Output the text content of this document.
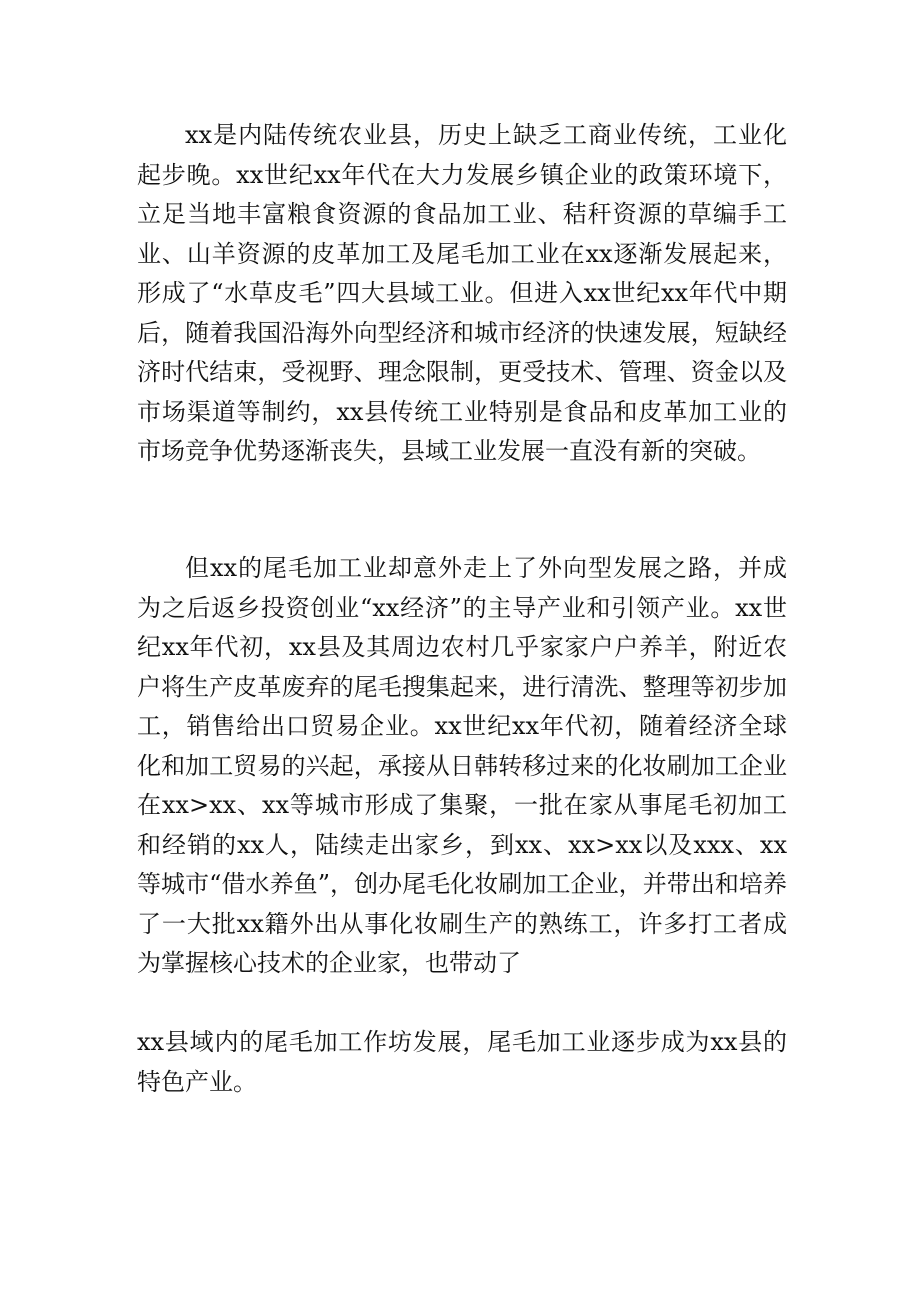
xx是内陆传统农业县，历史上缺乏工商业传统，工业化起步晚。xx世纪xx年代在大力发展乡镇企业的政策环境下，立足当地丰富粮食资源的食品加工业、秸秆资源的草编手工业、山羊资源的皮革加工及尾毛加工业在xx逐渐发展起来，形成了“水草皮毛”四大县域工业。但进入xx世纪xx年代中期后，随着我国沿海外向型经济和城市经济的快速发展，短缺经济时代结束，受视野、理念限制，更受技术、管理、资金以及市场渠道等制约，xx县传统工业特别是食品和皮革加工业的市场竞争优势逐渐丧失，县域工业发展一直没有新的突破。

但xx的尾毛加工业却意外走上了外向型发展之路，并成为之后返乡投资创业“xx经济”的主导产业和引领产业。xx世纪xx年代初，xx县及其周边农村几乎家家户户养羊，附近农户将生产皮革废弃的尾毛搜集起来，进行清洗、整理等初步加工，销售给出口贸易企业。xx世纪xx年代初，随着经济全球化和加工贸易的兴起，承接从日韩转移过来的化妆刷加工企业在xx>xx、xx等城市形成了集聚，一批在家从事尾毛初加工和经销的xx人，陆续走出家乡，到xx、xx>xx以及xxx、xx等城市“借水养鱼”，创办尾毛化妆刷加工企业，并带出和培养了一大批xx籍外出从事化妆刷生产的熟练工，许多打工者成为掌握核心技术的企业家，也带动了

xx县域内的尾毛加工作坊发展，尾毛加工业逐步成为xx县的特色产业。
